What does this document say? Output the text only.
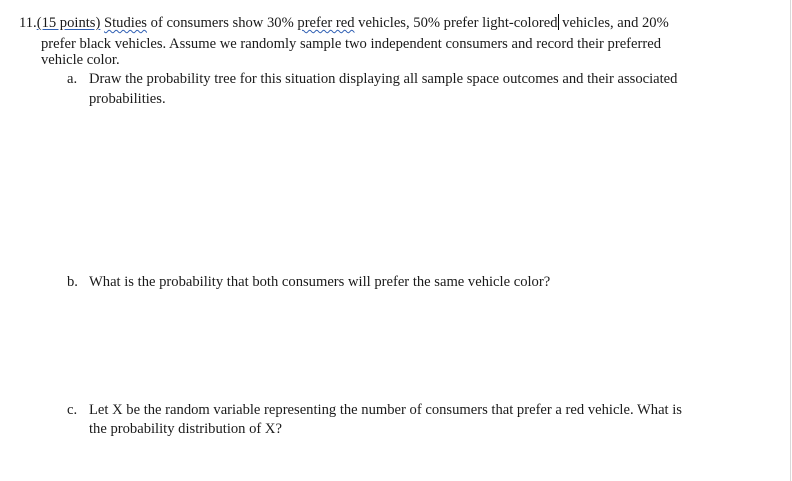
11.(15 points) Studies of consumers show 30% prefer red vehicles, 50% prefer light-colored vehicles, and 20%
prefer black vehicles. Assume we randomly sample two independent consumers and record their preferred
vehicle color.
a. Draw the probability tree for this situation displaying all sample space outcomes and their associated
probabilities.
b. What is the probability that both consumers will prefer the same vehicle color?
c. Let X be the random variable representing the number of consumers that prefer a red vehicle. What is
the probability distribution of X?
